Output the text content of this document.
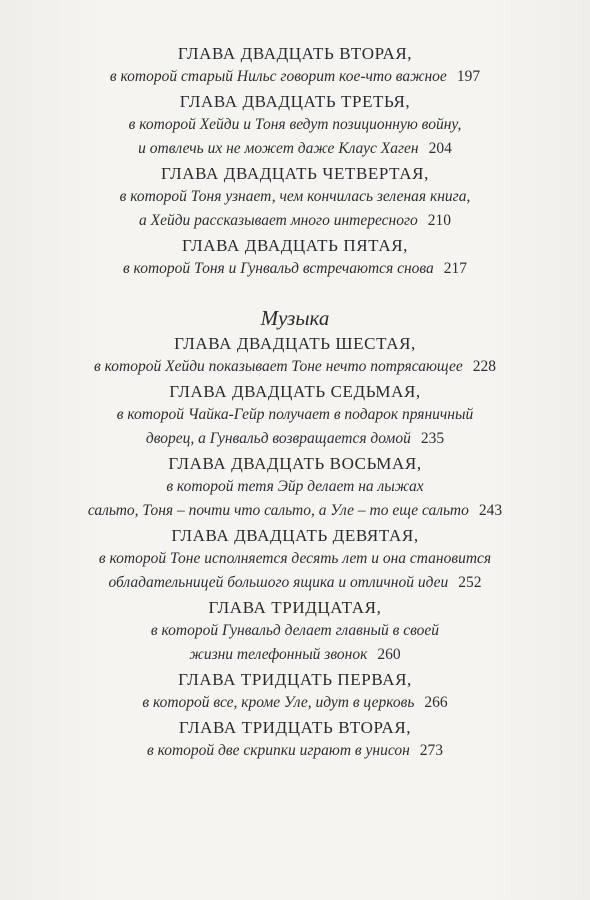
ГЛАВА ДВАДЦАТЬ ВТОРАЯ,
в которой старый Нильс говорит кое-что важное 197
ГЛАВА ДВАДЦАТЬ ТРЕТЬЯ,
в которой Хейди и Тоня ведут позиционную войну,
и отвлечь их не может даже Клаус Хаген 204
ГЛАВА ДВАДЦАТЬ ЧЕТВЕРТАЯ,
в которой Тоня узнает, чем кончилась зеленая книга,
а Хейди рассказывает много интересного 210
ГЛАВА ДВАДЦАТЬ ПЯТАЯ,
в которой Тоня и Гунвальд встречаются снова 217
Музыка
ГЛАВА ДВАДЦАТЬ ШЕСТАЯ,
в которой Хейди показывает Тоне нечто потрясающее 228
ГЛАВА ДВАДЦАТЬ СЕДЬМАЯ,
в которой Чайка-Гейр получает в подарок пряничный
дворец, а Гунвальд возвращается домой 235
ГЛАВА ДВАДЦАТЬ ВОСЬМАЯ,
в которой тетя Эйр делает на лыжах
сальто, Тоня – почти что сальто, а Уле – то еще сальто 243
ГЛАВА ДВАДЦАТЬ ДЕВЯТАЯ,
в которой Тоне исполняется десять лет и она становится
обладательницей большого ящика и отличной идеи 252
ГЛАВА ТРИДЦАТАЯ,
в которой Гунвальд делает главный в своей
жизни телефонный звонок 260
ГЛАВА ТРИДЦАТЬ ПЕРВАЯ,
в которой все, кроме Уле, идут в церковь 266
ГЛАВА ТРИДЦАТЬ ВТОРАЯ,
в которой две скрипки играют в унисон 273
